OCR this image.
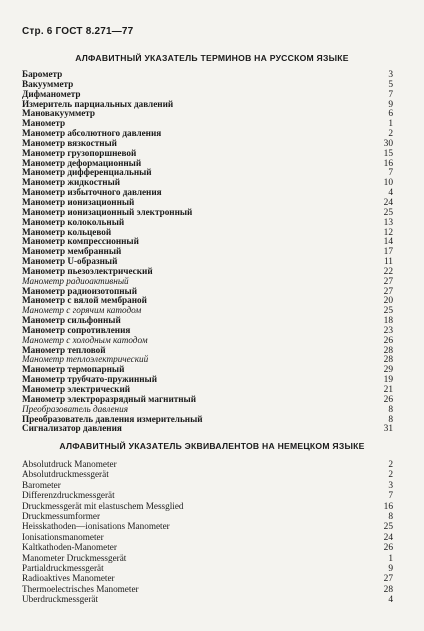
Стр. 6 ГОСТ 8.271—77
АЛФАВИТНЫЙ УКАЗАТЕЛЬ ТЕРМИНОВ НА РУССКОМ ЯЗЫКЕ
Барометр	3
Вакуумметр	5
Дифманометр	7
Измеритель парциальных давлений	9
Мановакуумметр	6
Манометр	1
Манометр абсолютного давления	2
Манометр вязкостный	30
Манометр грузопоршневой	15
Манометр деформационный	16
Манометр дифференциальный	7
Манометр жидкостный	10
Манометр избыточного давления	4
Манометр ионизационный	24
Манометр ионизационный электронный	25
Манометр колокольный	13
Манометр кольцевой	12
Манометр компрессионный	14
Манометр мембранный	17
Манометр U-образный	11
Манометр пьезоэлектрический	22
Манометр радиоактивный	27
Манометр радиоизотопный	27
Манометр с вялой мембраной	20
Манометр с горячим катодом	25
Манометр сильфонный	18
Манометр сопротивления	23
Манометр с холодным катодом	26
Манометр тепловой	28
Манометр теплоэлектрический	28
Манометр термопарный	29
Манометр трубчато-пружинный	19
Манометр электрический	21
Манометр электроразрядный магнитный	26
Преобразователь давления	8
Преобразователь давления измерительный	8
Сигнализатор давления	31
АЛФАВИТНЫЙ УКАЗАТЕЛЬ ЭКВИВАЛЕНТОВ НА НЕМЕЦКОМ ЯЗЫКЕ
Absolutdruck Manometer	2
Absolutdruckmessgerät	2
Barometer	3
Differenzdruckmessgerät	7
Druckmessgerät mit elastuschem Messglied	16
Druckmessumformer	8
Heisskathoden—ionisations Manometer	25
Ionisationsmanometer	24
Kaltkathoden-Manometer	26
Manometer Druckmessgerät	1
Partialdruckmessgerät	9
Radioaktives Manometer	27
Thermoelectrisches Manometer	28
Uberdruckmessgerät	4
